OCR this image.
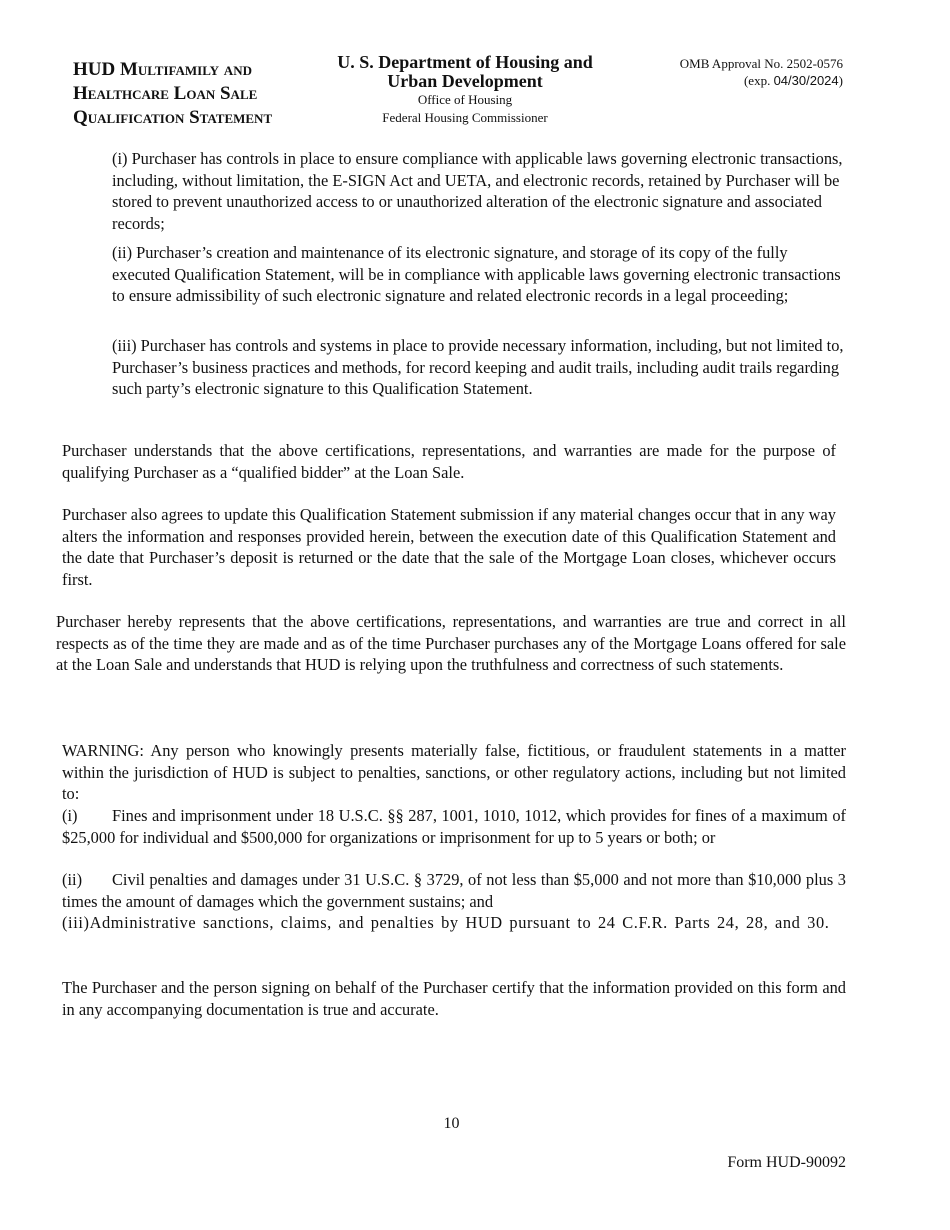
HUD Multifamily and
Healthcare Loan Sale
Qualification Statement
U. S. Department of Housing and
Urban Development
Office of Housing
Federal Housing Commissioner
OMB Approval No. 2502-0576
(exp. 04/30/2024)

(i) Purchaser has controls in place to ensure compliance with applicable laws governing electronic transactions, including, without limitation, the E-SIGN Act and UETA, and electronic records, retained by Purchaser will be stored to prevent unauthorized access to or unauthorized alteration of the electronic signature and associated records;

(ii) Purchaser’s creation and maintenance of its electronic signature, and storage of its copy of the fully executed Qualification Statement, will be in compliance with applicable laws governing electronic transactions to ensure admissibility of such electronic signature and related electronic records in a legal proceeding;

(iii) Purchaser has controls and systems in place to provide necessary information, including, but not limited to, Purchaser’s business practices and methods, for record keeping and audit trails, including audit trails regarding such party’s electronic signature to this Qualification Statement.

Purchaser understands that the above certifications, representations, and warranties are made for the purpose of qualifying Purchaser as a “qualified bidder” at the Loan Sale.

Purchaser also agrees to update this Qualification Statement submission if any material changes occur that in any way alters the information and responses provided herein, between the execution date of this Qualification Statement and the date that Purchaser’s deposit is returned or the date that the sale of the Mortgage Loan closes, whichever occurs first.

Purchaser hereby represents that the above certifications, representations, and warranties are true and correct in all respects as of the time they are made and as of the time Purchaser purchases any of the Mortgage Loans offered for sale at the Loan Sale and understands that HUD is relying upon the truthfulness and correctness of such statements.

WARNING: Any person who knowingly presents materially false, fictitious, or fraudulent statements in a matter within the jurisdiction of HUD is subject to penalties, sanctions, or other regulatory actions, including but not limited to:

(i) Fines and imprisonment under 18 U.S.C. §§ 287, 1001, 1010, 1012, which provides for fines of a maximum of $25,000 for individual and $500,000 for organizations or imprisonment for up to 5 years or both; or
(ii) Civil penalties and damages under 31 U.S.C. § 3729, of not less than $5,000 and not more than $10,000 plus 3 times the amount of damages which the government sustains; and
(iii)Administrative sanctions, claims, and penalties by HUD pursuant to 24 C.F.R. Parts 24, 28, and 30.

The Purchaser and the person signing on behalf of the Purchaser certify that the information provided on this form and in any accompanying documentation is true and accurate.

10
Form HUD-90092
